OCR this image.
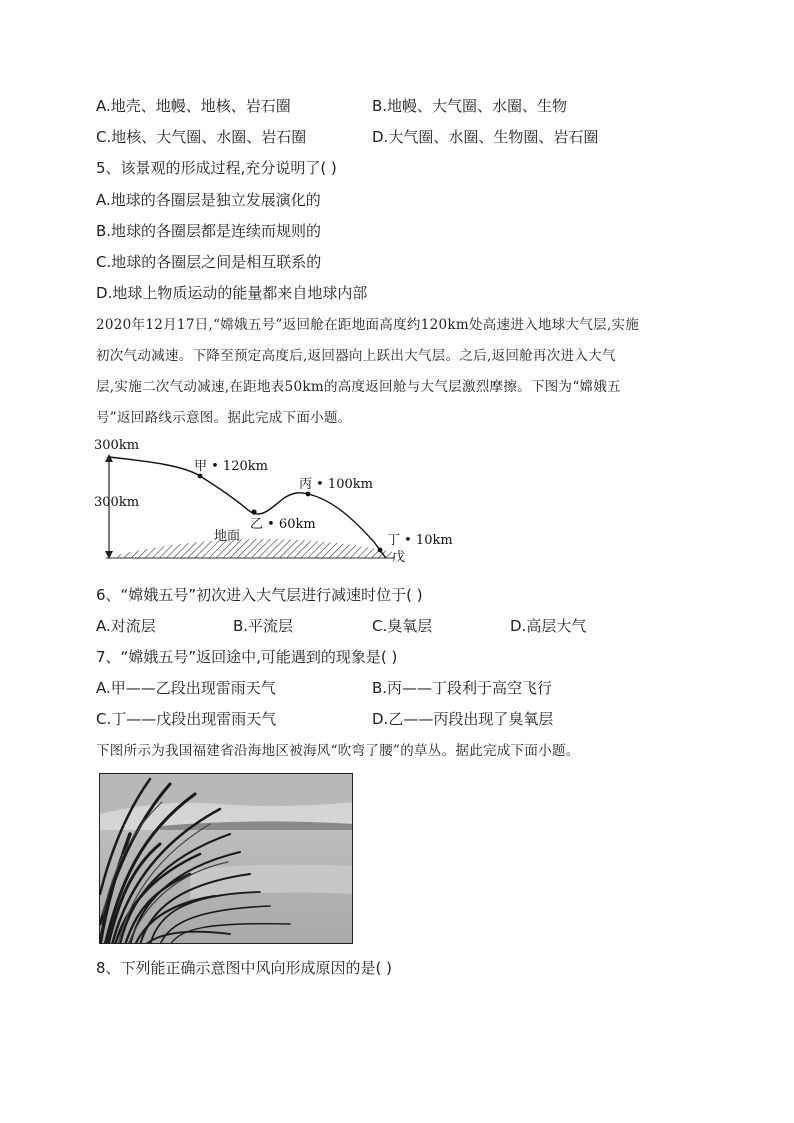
A.地壳、地幔、地核、岩石圈	B.地幔、大气圈、水圈、生物
C.地核、大气圈、水圈、岩石圈	D.大气圈、水圈、生物圈、岩石圈
5、该景观的形成过程,充分说明了( )
A.地球的各圈层是独立发展演化的
B.地球的各圈层都是连续而规则的
C.地球的各圈层之间是相互联系的
D.地球上物质运动的能量都来自地球内部
2020年12月17日,“嫦娥五号”返回舱在距地面高度约120km处高速进入地球大气层,实施
初次气动减速。下降至预定高度后,返回器向上跃出大气层。之后,返回舱再次进入大气
层,实施二次气动减速,在距地表50km的高度返回舱与大气层激烈摩擦。下图为“嫦娥五
号”返回路线示意图。据此完成下面小题。
300km
300km
甲 • 120km
乙 • 60km
丙 • 100km
丁 • 10km
戊
地面
6、“嫦娥五号”初次进入大气层进行减速时位于( )
A.对流层	B.平流层	C.臭氧层	D.高层大气
7、“嫦娥五号”返回途中,可能遇到的现象是( )
A.甲——乙段出现雷雨天气	B.丙——丁段利于高空飞行
C.丁——戊段出现雷雨天气	D.乙——丙段出现了臭氧层
下图所示为我国福建省沿海地区被海风“吹弯了腰”的草丛。据此完成下面小题。
8、下列能正确示意图中风向形成原因的是( )
